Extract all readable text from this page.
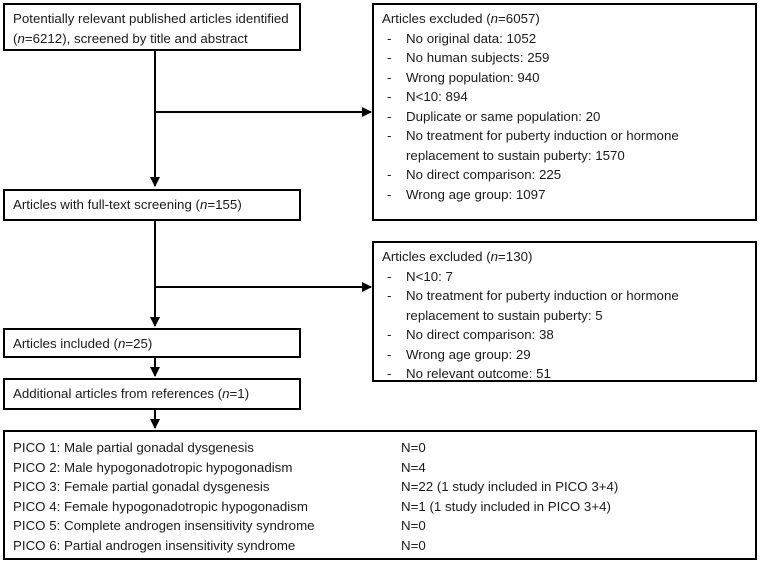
Potentially relevant published articles identified
(n=6212), screened by title and abstract
Articles excluded (n=6057)
- No original data: 1052
- No human subjects: 259
- Wrong population: 940
- N<10: 894
- Duplicate or same population: 20
- No treatment for puberty induction or hormone
replacement to sustain puberty: 1570
- No direct comparison: 225
- Wrong age group: 1097
Articles with full-text screening (n=155)
Articles excluded (n=130)
- N<10: 7
- No treatment for puberty induction or hormone
replacement to sustain puberty: 5
- No direct comparison: 38
- Wrong age group: 29
- No relevant outcome: 51
Articles included (n=25)
Additional articles from references (n=1)
PICO 1: Male partial gonadal dysgenesis	N=0
PICO 2: Male hypogonadotropic hypogonadism	N=4
PICO 3: Female partial gonadal dysgenesis	N=22 (1 study included in PICO 3+4)
PICO 4: Female hypogonadotropic hypogonadism	N=1 (1 study included in PICO 3+4)
PICO 5: Complete androgen insensitivity syndrome	N=0
PICO 6: Partial androgen insensitivity syndrome	N=0
